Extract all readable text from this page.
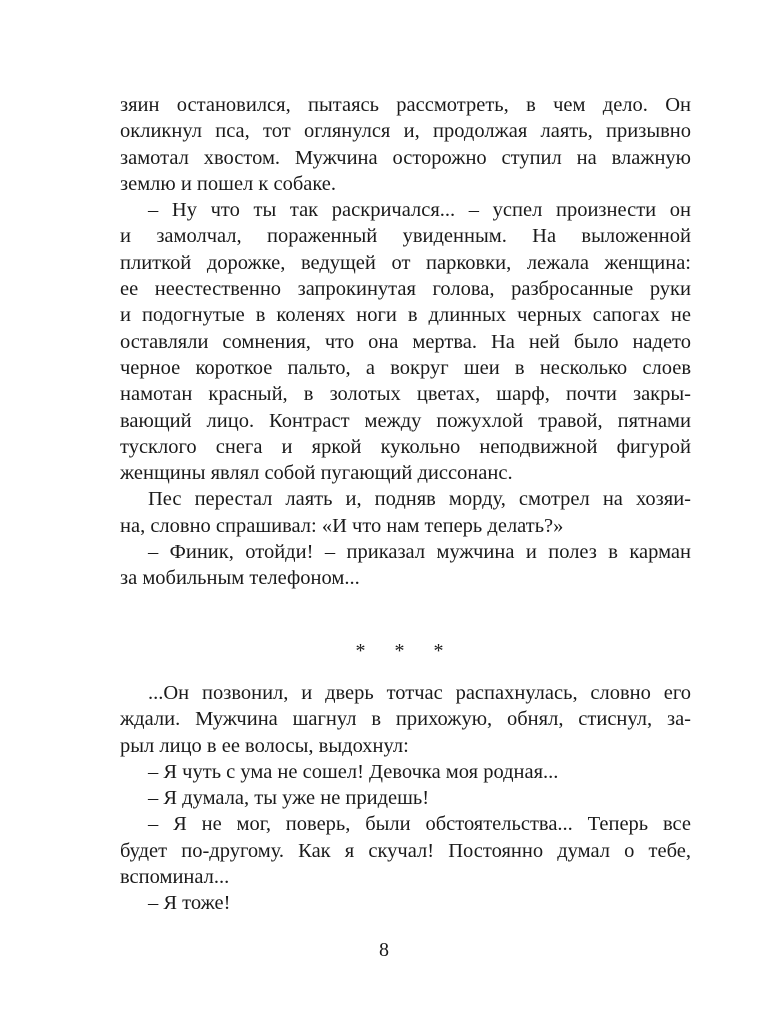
зяин остановился, пытаясь рассмотреть, в чем дело. Он
окликнул пса, тот оглянулся и, продолжая лаять, призывно
замотал хвостом. Мужчина осторожно ступил на влажную
землю и пошел к собаке.
– Ну что ты так раскричался... – успел произнести он
и замолчал, пораженный увиденным. На выложенной
плиткой дорожке, ведущей от парковки, лежала женщина:
ее неестественно запрокинутая голова, разбросанные руки
и подогнутые в коленях ноги в длинных черных сапогах не
оставляли сомнения, что она мертва. На ней было надето
черное короткое пальто, а вокруг шеи в несколько слоев
намотан красный, в золотых цветах, шарф, почти закры-
вающий лицо. Контраст между пожухлой травой, пятнами
тусклого снега и яркой кукольно неподвижной фигурой
женщины являл собой пугающий диссонанс.
Пес перестал лаять и, подняв морду, смотрел на хозяи-
на, словно спрашивал: «И что нам теперь делать?»
– Финик, отойди! – приказал мужчина и полез в карман
за мобильным телефоном...
* * *
...Он позвонил, и дверь тотчас распахнулась, словно его
ждали. Мужчина шагнул в прихожую, обнял, стиснул, за-
рыл лицо в ее волосы, выдохнул:
– Я чуть с ума не сошел! Девочка моя родная...
– Я думала, ты уже не придешь!
– Я не мог, поверь, были обстоятельства... Теперь все
будет по-другому. Как я скучал! Постоянно думал о тебе,
вспоминал...
– Я тоже!
8
